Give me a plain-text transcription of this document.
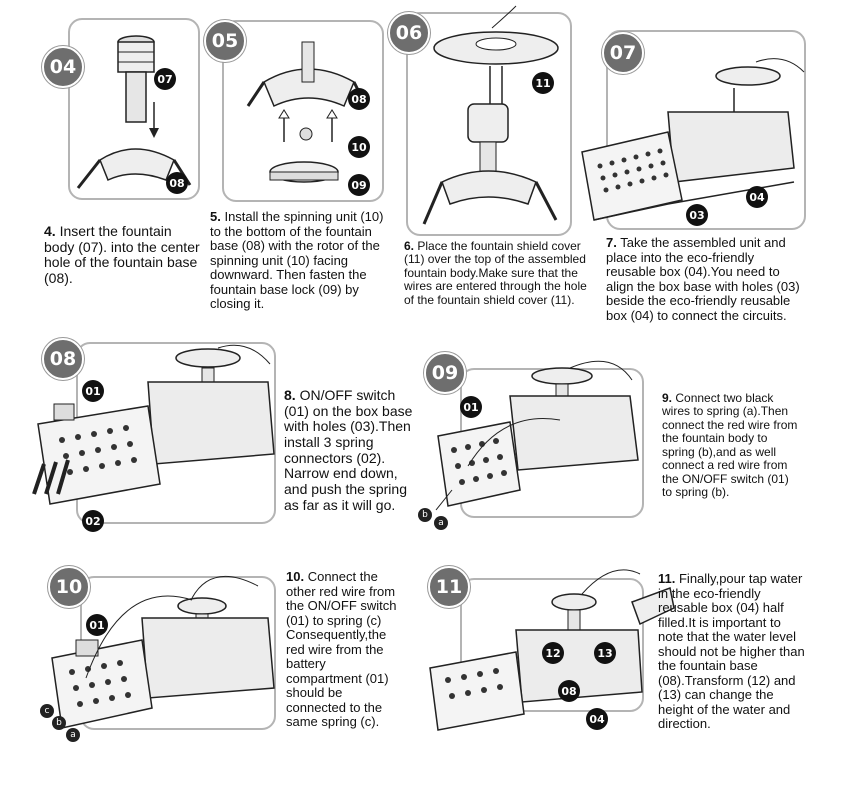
07
08
04
4. Insert the fountain body (07). into the center hole of the fountain base (08).
08
10
09
05
5. Install the spinning unit (10) to the bottom of the fountain base (08) with the rotor of the spinning unit (10) facing downward. Then fasten the fountain base lock (09) by closing it.
11
06
6. Place the fountain shield cover (11) over the top of the assembled fountain body.Make sure that the wires are entered through the hole of the fountain shield cover (11).
04
03
07
7. Take the assembled unit and place into the eco-friendly reusable box (04).You need to align the box base with holes (03) beside the eco-friendly reusable box (04) to connect the circuits.
01
02
08
8. ON/OFF switch (01) on the box base with holes (03).Then install 3 spring connectors (02). Narrow end down, and push the spring as far as it will go.
01
b
a
09
9. Connect two black wires to spring (a).Then connect the red wire from the fountain body to spring (b),and as well connect a red wire from the ON/OFF switch (01) to spring (b).
01
c
b
a
10	10. Connect the other red wire from the ON/OFF switch (01) to spring (c) Consequently,the red wire from the battery compartment (01) should be connected to the same spring (c).
12	13
08
04
11	11. Finally,pour tap water in the eco-friendly reusable box (04) half filled.It is important to note that the water level should not be higher than the fountain base (08).Transform (12) and (13) can change the height of the water and direction.
